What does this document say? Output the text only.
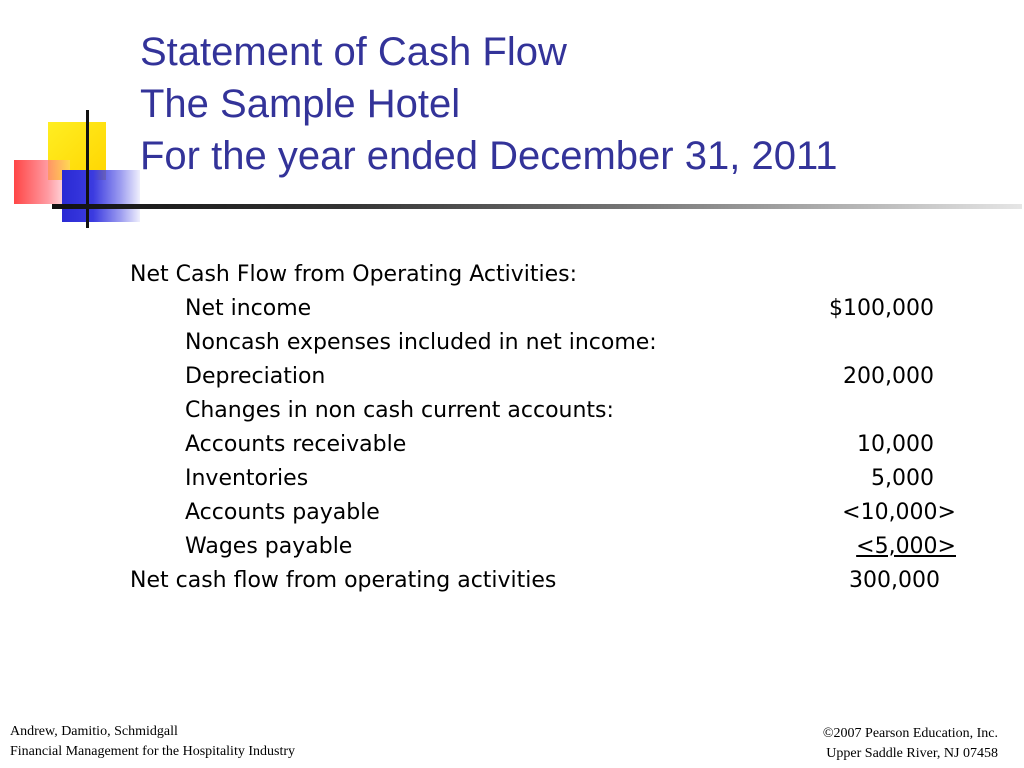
Statement of Cash Flow
The Sample Hotel
For the year ended December 31, 2011
Net Cash Flow from Operating Activities:
Net income	$100,000
Noncash expenses included in net income:
Depreciation	200,000
Changes in non cash current accounts:
Accounts receivable	10,000
Inventories	5,000
Accounts payable	<10,000>
Wages payable	<5,000>
Net cash flow from operating activities	300,000
Andrew, Damitio, Schmidgall
Financial Management for the Hospitality Industry
©2007 Pearson Education, Inc.
Upper Saddle River, NJ 07458
